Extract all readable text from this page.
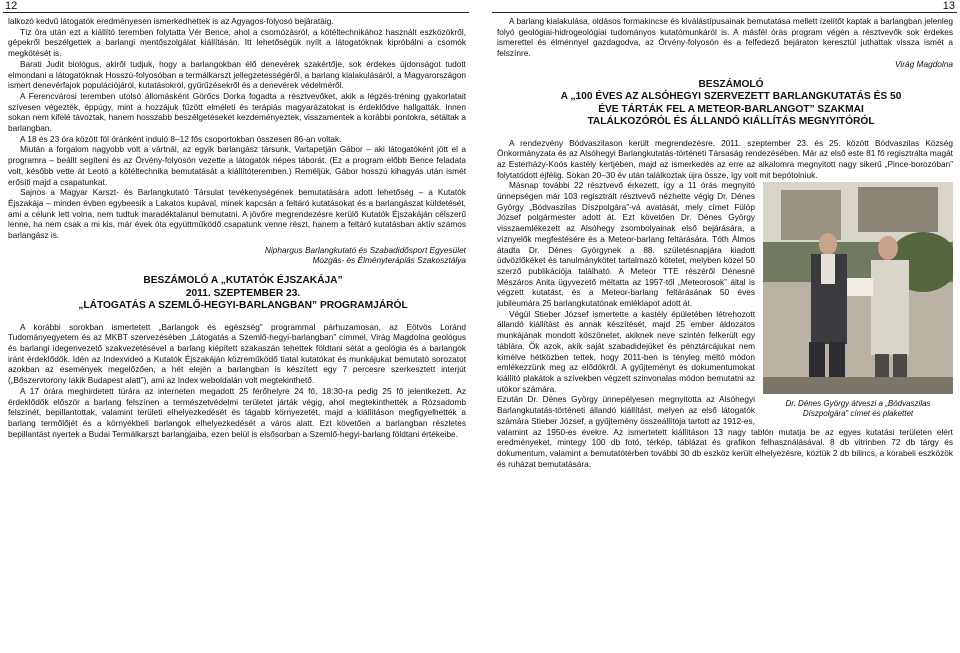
12	13

lalkozó kedvű látogatók eredményesen ismerkedhettek is az Agyagos-folyosó bejáratáig.

Tíz óra után ezt a kiállító teremben folytatta Vér Bence, ahol a csomózásról, a kötéltechnikához használt eszközökről, gépekről beszélgettek a barlangi mentőszolgálat kiállításán. Itt lehetőségük nyílt a látogatóknak kipróbálni a csomók megkötését is.

Barati Judit biológus, akiről tudjuk, hogy a barlangokban élő denevérek szakértője, sok érdekes újdonságot tudott elmondani a látogatóknak Hosszú-folyosóban a termálkarszt jellegzetességéről, a barlang kialakulásáról, a Magyarországon ismert denevérfajok populációjáról, kutatásokról, gyűrűzésekről és a denevérek védelméről.

A Ferencvárosi teremben utolsó állomásként Görőcs Dorka fogadta a résztvevőket, akik a légzés-tréning gyakorlatait szívesen végezték, éppúgy, mint a hozzájuk fűzött elméleti és terápiás magyarázatokat is érdeklődve hallgatták. Innen sokan nem kifelé távoztak, hanem hosszabb beszélgetéseket kezdeményeztek, visszamentek a korábbi pontokra, sétáltak a barlangban.

A 18 és 23 óra között föl óránként induló 8–12 fős csoportokban összesen 86-an voltak.

Miután a forgalom nagyobb volt a vártnál, az egyik barlangász társunk, Vartapetján Gábor – aki látogatóként jött el a programra – beállt segíteni és az Örvény-folyosón vezette a látogatók népes táborát. (Ez a program előbb Bence feladata volt, később vette át Leotó a kötéltechnika bemutatását a kiállítóteremben.) Reméljük, Gábor hosszú kihagyás után ismét erősíti majd a csapatunkat.

Sajnos a Magyar Karszt- és Barlangkutató Társulat tevékenységének bemutatására adott lehetőség – a Kutatók Éjszakája – minden évben egybeesik a Lakatos kupával, minek kapcsán a feltáró kutatásokat és a barlangászat küldetését, ami a célunk lett volna, nem tudtuk maradéktalanul bemutatni. A jövőre megrendezésre kerülő Kutatók Éjszakáján célszerű lenne, ha nem csak a mi kis, már évek óta együttműködő csapatunk venne részt, hanem a feltáró kutatásban aktív számos barlangász is.

Niphargus Barlangkutató és Szabadidősport Egyesület
Mozgás- és Élményterápiás Szakosztálya

BESZÁMOLÓ A „KUTATÓK ÉJSZAKÁJA”

2011. SZEPTEMBER 23.

„LÁTOGATÁS A SZEMLŐ-HEGYI-BARLANGBAN” PROGRAMJÁRÓL

A korábbi sorokban ismertetett „Barlangok és egészség” programmal párhuzamosan, az Eötvös Loránd Tudományegyetem és az MKBT szervezésében „Látogatás a Szemlő-hegyi-barlangban” címmel, Virág Magdolna geológus és barlangi idegenvezető szakvezetésével a barlang kiépített szakaszán tehettek földtani sétát a geológia és a barlangok iránt érdeklődők. Idén az Indexvideó a Kutatók Éjszakáján közreműködő tiatal kutatókat és munkájukat bemutató sorozatot azokban az események megelőzően, a hét elején a barlangban is készített egy 7 percesre szerkesztett interjút („Bőszervtorony lakik Budapest alatt”), ami az Index weboldalán volt megtekinthető.

A 17 órára meghirdetett túrára az interneten megadott 25 férőhelyre 24 fő, 18:30-ra pedig 25 fő jelentkezett. Az érdeklődők először a barlang felszínen a természetvédelmi területet járták végig, ahol megtekinthették a Rózsadomb felszínét, bepillantottak, valamint területi elhelyezkedését és tágabb környezetét, majd a kiállításon megfigyelhették a barlang termőlőjét és a környékbeli barlangok elhelyezkedését a város alatt. Ezt követően a barlangban részletes bepillantást nyertek a Budai Termálkarszt barlangjaiba, ezen belül is elsősorban a Szemlő-hegyi-barlang földtani értékeibe.

A barlang kialakulása, oldásos formakincse és kiválástípusainak bemutatása mellett ízelítőt kaptak a barlangban jelenleg folyó geológiai-hidrogeológiai tudományos kutatómunkáról is. A másfél órás program végén a résztvevők sok érdekes ismerettel és élménnyel gazdagodva, az Örvény-folyosón és a felfedező bejáraton keresztül juthattak vissza ismét a felszínre.

Virág Magdolna

BESZÁMOLÓ

A „100 ÉVES AZ ALSÓHEGYI SZERVEZETT BARLANGKUTATÁS ÉS 50

ÉVE TÁRTÁK FEL A METEOR-BARLANGOT” SZAKMAI

TALÁLKOZÓRÓL ÉS ÁLLANDÓ KIÁLLÍTÁS MEGNYITÓRÓL

A rendezvény Bódvaszilason került megrendezésre, 2011. szeptember 23. és 25. között Bódvaszilas Község Önkormányzata és az Alsóhegyi Barlangkutatás-történeti Társaság rendezésében. Már az első este 81 fő regisztrálta magát az Esterházy-Koós kastély kertjében, majd az ismerkedés az erre az alkalomra megnyitott nagy sikerű „Pince-borozóban” folytatódott éjfélig. Sokan 20–30 év után találkoztak újra össze, így volt mit bepótolniuk.

Dr. Dénes György átveszi a „Bódvaszilas Díszpolgára” címet és plakettet

Másnap további 22 résztvevő érkezett, így a 11 órás megnyitó ünnepségen már 103 regisztrált résztvevő nézhette végig Dr. Dénes György „Bódvaszilas Díszpolgára”-vá avatását, mely címet Fülöp József polgármester adott át. Ezt követően Dr. Dénes György visszaemlékezett az Alsóhegy zsombolyainak első bejárására, a víznyelők megfestésére és a Meteor-barlang feltárására. Tóth Álmos átadta Dr. Dénes Györgynek a 88. születésnapjára kiadott üdvözlőkéket és tanulmánykötet tartalmazó kötetet, melyben közel 50 szerző publikációja található. A Meteor TTE részéről Dénesné Mészáros Anita ügyvezető méltatta az 1957-től „Meteorosok” által is végzett kutatást, és a Meteor-barlang feltárásának 50 éves jubileumára 25 barlangkutatónak emléklapot adott át.

Végül Stieber József ismertette a kastély épületében létrehozott állandó kiállítást és annak készítését, majd 25 ember áldozatos munkájának mondott köszönetet, akiknek neve szintén felkerült egy táblára. Ők azok, akik saját szabadidejüket és pénztárcájukat nem kímélve hétközben tettek, hogy 2011-ben is tényleg méltó módon emlékezzünk meg az elődökről. A gyűjteményt és dokumentumokat kiállító plakátok a szívekben végzett szinvonalas módon bemutatni az utókor számára.

Ezután Dr. Dénes György ünnepélyesen megnyitotta az Alsóhegyi Barlangkutatás-történeti állandó kiállítást, melyen az első látogatók számára Stieber József, a gyűjtemény összeállítója tartott az 1912-es, valamint az 1950-es évekre. Az ismertetett kiállításon 13 nagy tablón mutatja be az egyes kutatási területen elért eredményeket, mintegy 100 db fotó, térkép, táblázat és grafikon felhasználásával. 8 db vitrinben 72 db tárgy és dokumentum, valamint a bemutatótérben további 30 db eszköz került elhelyezésre, köztük 2 db bilincs, a korabeli eszközök és ruházat bemutatására.
